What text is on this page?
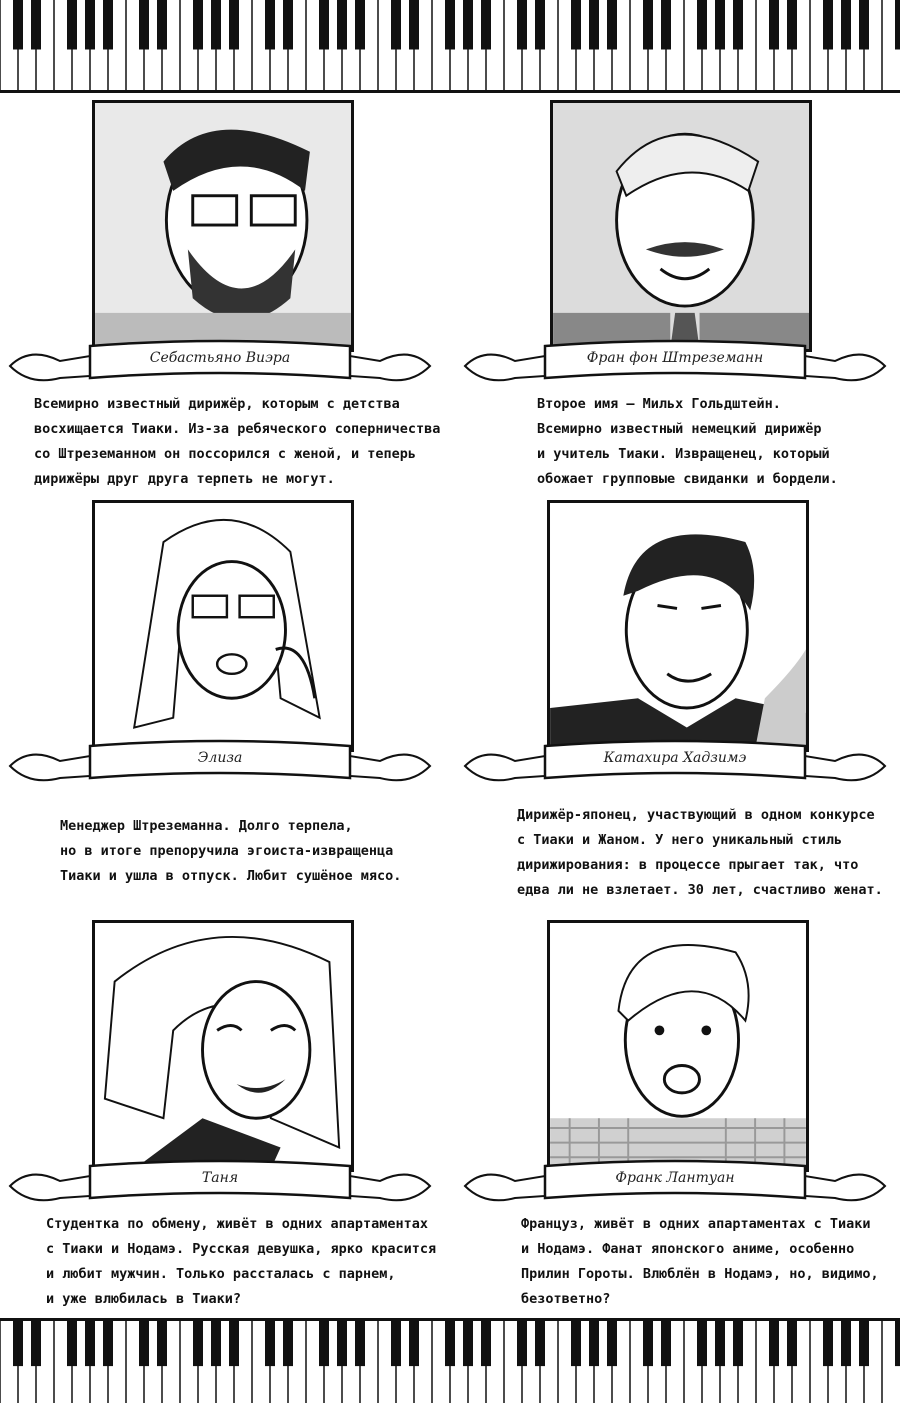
Себастьяно Виэра
Всемирно известный дирижёр, которым с детства
восхищается Тиаки. Из-за ребяческого соперничества
со Штреземанном он поссорился с женой, и теперь
дирижёры друг друга терпеть не могут.
Фран фон Штреземанн
Второе имя – Мильх Гольдштейн.
Всемирно известный немецкий дирижёр
и учитель Тиаки. Извращенец, который
обожает групповые свиданки и бордели.
Элиза
Менеджер Штреземанна. Долго терпела,
но в итоге препоручила эгоиста-извращенца
Тиаки и ушла в отпуск. Любит сушёное мясо.
Катахира Хадзимэ
Дирижёр-японец, участвующий в одном конкурсе
с Тиаки и Жаном. У него уникальный стиль
дирижирования: в процессе прыгает так, что
едва ли не взлетает. 30 лет, счастливо женат.
Таня
Студентка по обмену, живёт в одних апартаментах
с Тиаки и Нодамэ. Русская девушка, ярко красится
и любит мужчин. Только рассталась с парнем,
и уже влюбилась в Тиаки?
Франк Лантуан
Француз, живёт в одних апартаментах с Тиаки
и Нодамэ. Фанат японского аниме, особенно
Прилин Гороты. Влюблён в Нодамэ, но, видимо,
безответно?
